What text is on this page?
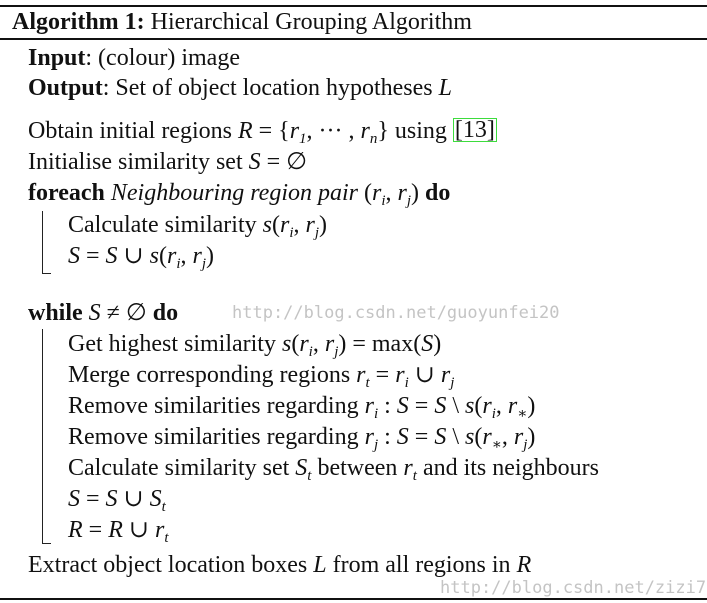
Algorithm 1: Hierarchical Grouping Algorithm
Input: (colour) image
Output: Set of object location hypotheses L
Obtain initial regions $R = \{r_1$, ··· , $r_n$} using [13]
Initialise similarity set S = ∅
foreach Neighbouring region pair ($r_i$, $r_j$) do
Calculate similarity $s(r_i$, $r_j$)
S = S ∪ $s(r_i$, $r_j$)
while S ≠ ∅ do
Get highest similarity $s(r_i$, $r_j) = \max(S)$
Merge corresponding regions $r_t = r_i$ ∪ $r_j$
Remove similarities regarding $r_i$ : S = S \ $s(r_i$, $r_∗$)
Remove similarities regarding $r_j$ : S = S \ $s(r_∗$, $r_j$)
Calculate similarity set $S_t$ between $r_t$ and its neighbours
S = S ∪ $S_t$
R = R ∪ $r_t$
Extract object location boxes L from all regions in R
http://blog.csdn.net/guoyunfei20
http://blog.csdn.net/zizi7
